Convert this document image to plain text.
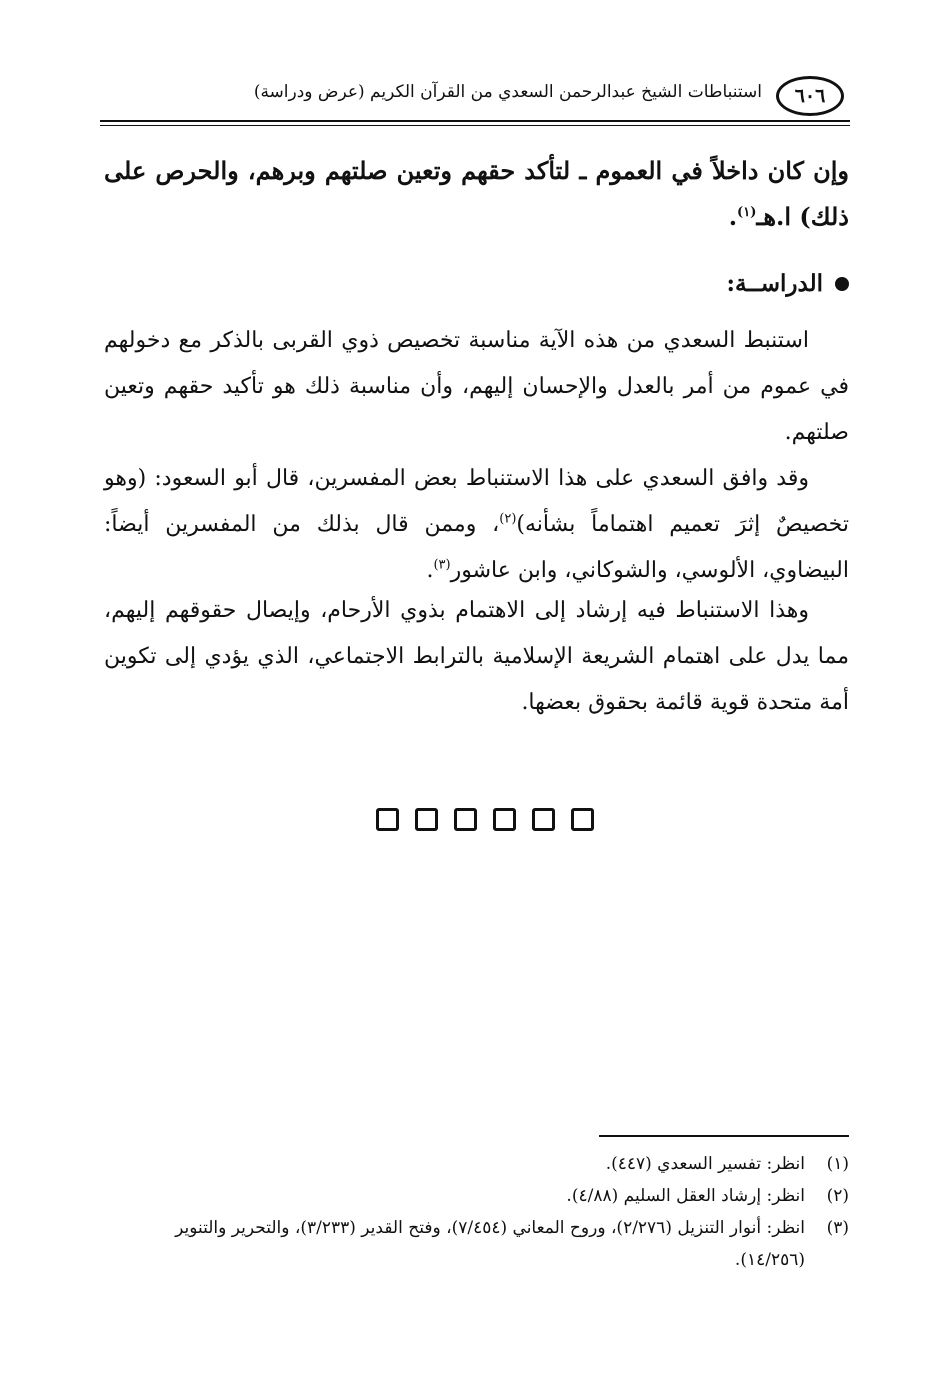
٦٠٦
استنباطات الشيخ عبدالرحمن السعدي من القرآن الكريم (عرض ودراسة)

وإن كان داخلاً في العموم ـ لتأكد حقهم وتعين صلتهم وبرهم، والحرص على ذلك) ا.هـ$^{(١)}$.

الدراســة:

استنبط السعدي من هذه الآية مناسبة تخصيص ذوي القربى بالذكر مع دخولهم في عموم من أمر بالعدل والإحسان إليهم، وأن مناسبة ذلك هو تأكيد حقهم وتعين صلتهم.

وقد وافق السعدي على هذا الاستنباط بعض المفسرين، قال أبو السعود: (وهو تخصيصٌ إثرَ تعميم اهتماماً بشأنه)$^{(٢)}$، وممن قال بذلك من المفسرين أيضاً: البيضاوي، الألوسي، والشوكاني، وابن عاشور$^{(٣)}$.

وهذا الاستنباط فيه إرشاد إلى الاهتمام بذوي الأرحام، وإيصال حقوقهم إليهم، مما يدل على اهتمام الشريعة الإسلامية بالترابط الاجتماعي، الذي يؤدي إلى تكوين أمة متحدة قوية قائمة بحقوق بعضها.

(١)
انظر: تفسير السعدي (٤٤٧).
(٢)
انظر: إرشاد العقل السليم (٤/٨٨).
(٣)
انظر: أنوار التنزيل (٢/٢٧٦)، وروح المعاني (٧/٤٥٤)، وفتح القدير (٣/٢٣٣)، والتحرير والتنوير (١٤/٢٥٦).
